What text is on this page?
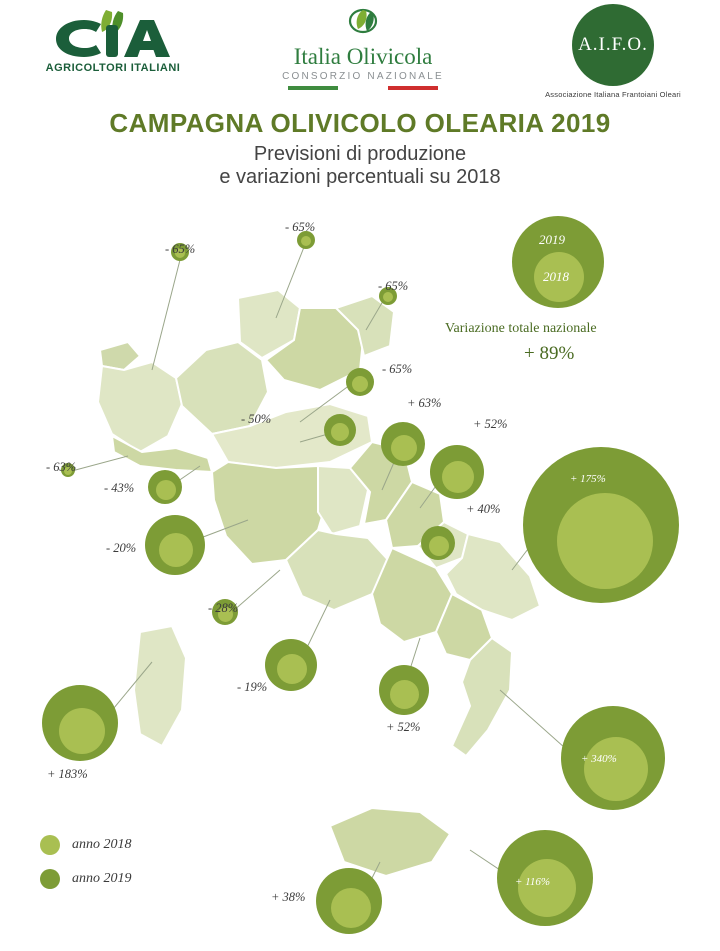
AGRICOLTORI ITALIANI	Italia Olivicola
CONSORZIO NAZIONALE
A.I.F.O.
Associazione Italiana Frantoiani Oleari
CAMPAGNA OLIVICOLO OLEARIA 2019
Previsioni di produzione
e variazioni percentuali su 2018
2019
2018
Variazione totale nazionale
+ 89%
+ 175%
+ 340%
+ 116%
- 65%
- 65%
- 65%
- 65%
- 50%
- 63%
- 43%
- 20%
- 28%
- 19%
+ 63%
+ 52%
+ 40%
+ 52%
+ 183%
+ 38%
anno 2018
anno 2019
